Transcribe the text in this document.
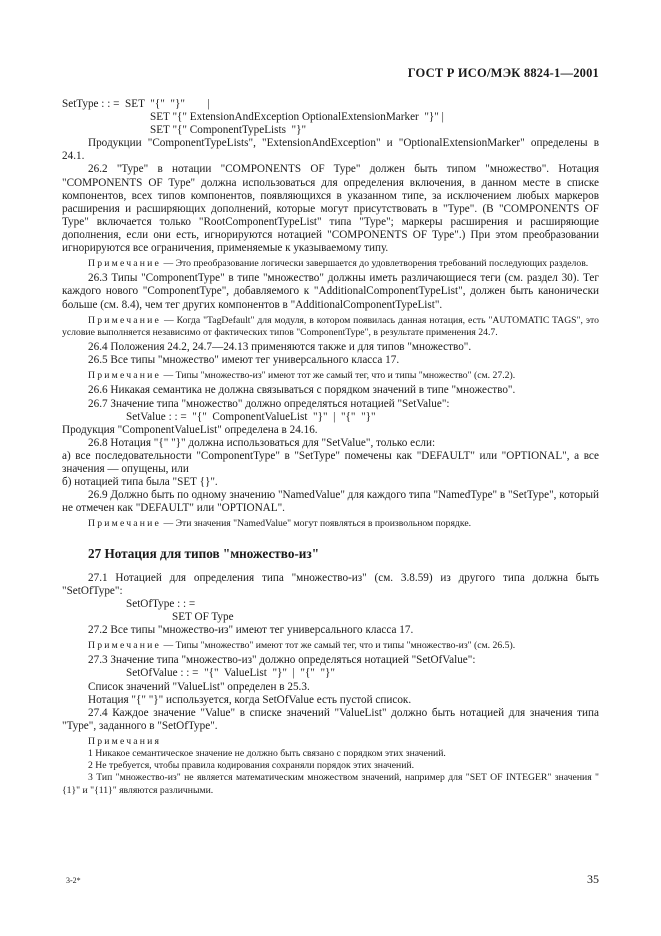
ГОСТ Р ИСО/МЭК 8824-1—2001

SetType : : =  SET  "{"  "}"        |

SET "{" ExtensionAndException OptionalExtensionMarker  "}" |

SET "{" ComponentTypeLists  "}"

Продукции "ComponentTypeLists", "ExtensionAndException" и "OptionalExtensionMarker" определены в 24.1.

26.2 "Type" в нотации "COMPONENTS OF Type" должен быть типом "множество". Нотация "COMPONENTS OF Type" должна использоваться для определения включения, в данном месте в списке компонентов, всех типов компонентов, появляющихся в указанном типе, за исключением любых маркеров расширения и расширяющих дополнений, которые могут присутствовать в "Type". (В "COMPONENTS OF Type" включается только "RootComponentTypeList" типа "Type"; маркеры расширения и расширяющие дополнения, если они есть, игнорируются нотацией "COMPONENTS OF Type".) При этом преобразовании игнорируются все ограничения, применяемые к указываемому типу.

Примечание — Это преобразование логически завершается до удовлетворения требований последующих разделов.

26.3 Типы "ComponentType" в типе "множество" должны иметь различающиеся теги (см. раздел 30). Тег каждого нового "ComponentType", добавляемого к "AdditionalComponentTypeList", должен быть канонически больше (см. 8.4), чем тег других компонентов в "AdditionalComponentTypeList".

Примечание — Когда "TagDefault" для модуля, в котором появилась данная нотация, есть "AUTOMATIC TAGS", это условие выполняется независимо от фактических типов "ComponentType", в результате применения 24.7.

26.4 Положения 24.2, 24.7—24.13 применяются также и для типов "множество".

26.5 Все типы "множество" имеют тег универсального класса 17.

Примечание — Типы "множество-из" имеют тот же самый тег, что и типы "множество" (см. 27.2).

26.6 Никакая семантика не должна связываться с порядком значений в типе "множество".

26.7 Значение типа "множество" должно определяться нотацией "SetValue":

SetValue : : =  "{"  ComponentValueList  "}"  |  "{"  "}"

Продукция "ComponentValueList" определена в 24.16.

26.8 Нотация "{" "}" должна использоваться для "SetValue", только если:

а) все последовательности "ComponentType" в "SetType" помечены как "DEFAULT" или "OPTIONAL", а все значения — опущены, или

б) нотацией типа была "SET {}".

26.9 Должно быть по одному значению "NamedValue" для каждого типа "NamedType" в "SetType", который не отмечен как "DEFAULT" или "OPTIONAL".

Примечание — Эти значения "NamedValue" могут появляться в произвольном порядке.

27 Нотация для типов "множество-из"

27.1 Нотацией для определения типа "множество-из" (см. 3.8.59) из другого типа должна быть "SetOfType":

SetOfType : : =

SET OF Type

27.2 Все типы "множество-из" имеют тег универсального класса 17.

Примечание — Типы "множество" имеют тот же самый тег, что и типы "множество-из" (см. 26.5).

27.3 Значение типа "множество-из" должно определяться нотацией "SetOfValue":

SetOfValue : : =  "{"  ValueList  "}"  |  "{"  "}"

Список значений "ValueList" определен в 25.3.

Нотация "{" "}" используется, когда SetOfValue есть пустой список.

27.4 Каждое значение "Value" в списке значений "ValueList" должно быть нотацией для значения типа "Type", заданного в "SetOfType".

Примечания

1 Никакое семантическое значение не должно быть связано с порядком этих значений.

2 Не требуется, чтобы правила кодирования сохраняли порядок этих значений.

3 Тип "множество-из" не является математическим множеством значений, например для "SET OF INTEGER" значения "{1}" и "{11}" являются различными.

3-2*	35
